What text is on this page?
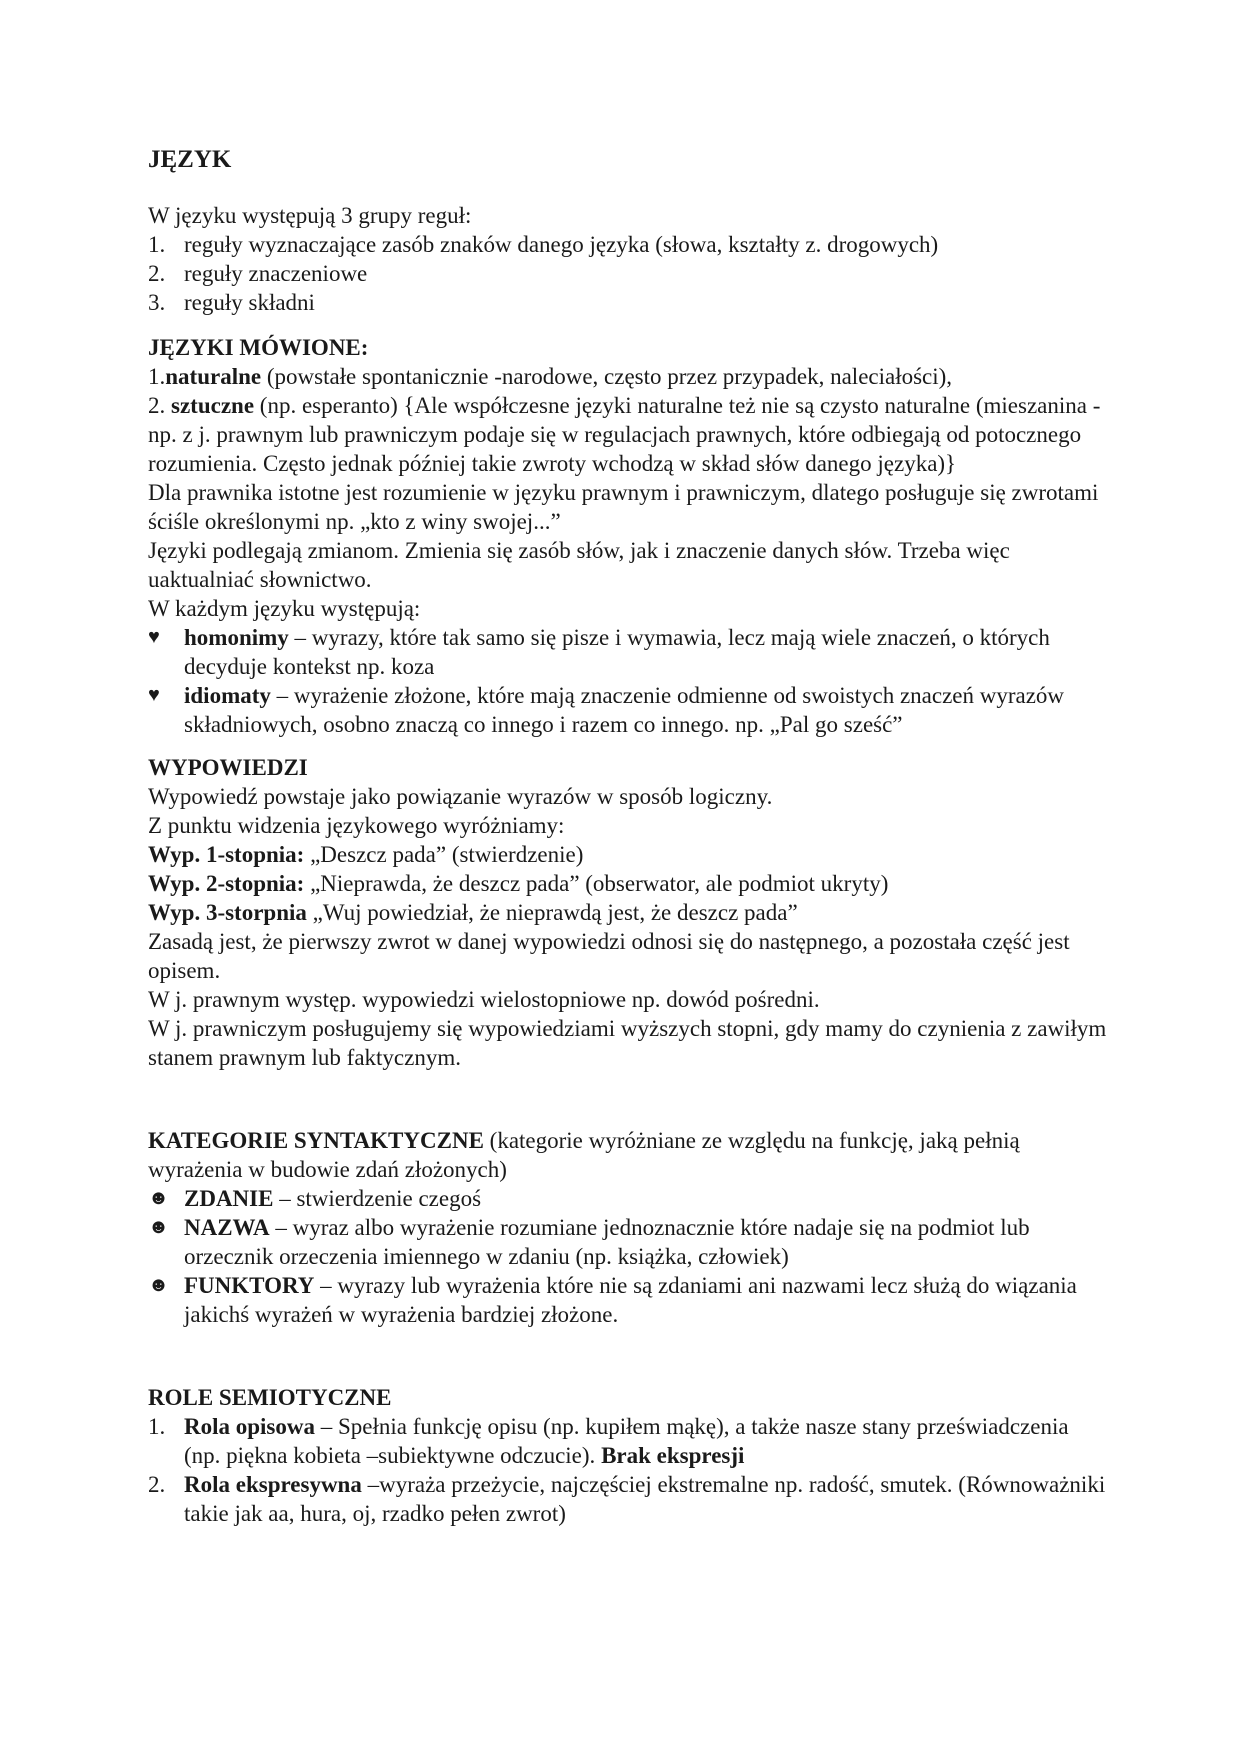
JĘZYK

W języku występują 3 grupy reguł:

1. reguły wyznaczające zasób znaków danego języka (słowa, kształty z. drogowych)
2. reguły znaczeniowe
3. reguły składni
JĘZYKI MÓWIONE:

1.naturalne (powstałe spontanicznie -narodowe, często przez przypadek, naleciałości),

2. sztuczne (np. esperanto) {Ale współczesne języki naturalne też nie są czysto naturalne (mieszanina -np. z j. prawnym lub prawniczym podaje się w regulacjach prawnych, które odbiegają od potocznego rozumienia. Często jednak później takie zwroty wchodzą w skład słów danego języka)}

Dla prawnika istotne jest rozumienie w języku prawnym i prawniczym, dlatego posługuje się zwrotami ściśle określonymi np. „kto z winy swojej...”

Języki podlegają zmianom. Zmienia się zasób słów, jak i znaczenie danych słów. Trzeba więc uaktualniać słownictwo.

W każdym języku występują:

♥	homonimy – wyrazy, które tak samo się pisze i wymawia, lecz mają wiele znaczeń, o których decyduje kontekst np. koza
♥	idiomaty – wyrażenie złożone, które mają znaczenie odmienne od swoistych znaczeń wyrazów składniowych, osobno znaczą co innego i razem co innego. np. „Pal go sześć”
WYPOWIEDZI

Wypowiedź powstaje jako powiązanie wyrazów w sposób logiczny.

Z punktu widzenia językowego wyróżniamy:

Wyp. 1-stopnia: „Deszcz pada” (stwierdzenie)

Wyp. 2-stopnia: „Nieprawda, że deszcz pada” (obserwator, ale podmiot ukryty)

Wyp. 3-storpnia „Wuj powiedział, że nieprawdą jest, że deszcz pada”

Zasadą jest, że pierwszy zwrot w danej wypowiedzi odnosi się do następnego, a pozostała część jest opisem.

W j. prawnym występ. wypowiedzi wielostopniowe np. dowód pośredni.

W j. prawniczym posługujemy się wypowiedziami wyższych stopni, gdy mamy do czynienia z zawiłym stanem prawnym lub faktycznym.

KATEGORIE SYNTAKTYCZNE (kategorie wyróżniane ze względu na funkcję, jaką pełnią wyrażenia w budowie zdań złożonych)

☻ ZDANIE – stwierdzenie czegoś
☻ NAZWA – wyraz albo wyrażenie rozumiane jednoznacznie które nadaje się na podmiot lub orzecznik orzeczenia imiennego w zdaniu (np. książka, człowiek)
☻ FUNKTORY – wyrazy lub wyrażenia które nie są zdaniami ani nazwami lecz służą do wiązania jakichś wyrażeń w wyrażenia bardziej złożone.
ROLE SEMIOTYCZNE
1. Rola opisowa – Spełnia funkcję opisu (np. kupiłem mąkę), a także nasze stany przeświadczenia (np. piękna kobieta –subiektywne odczucie). Brak ekspresji
2. Rola ekspresywna –wyraża przeżycie, najczęściej ekstremalne np. radość, smutek. (Równoważniki takie jak aa, hura, oj, rzadko pełen zwrot)
